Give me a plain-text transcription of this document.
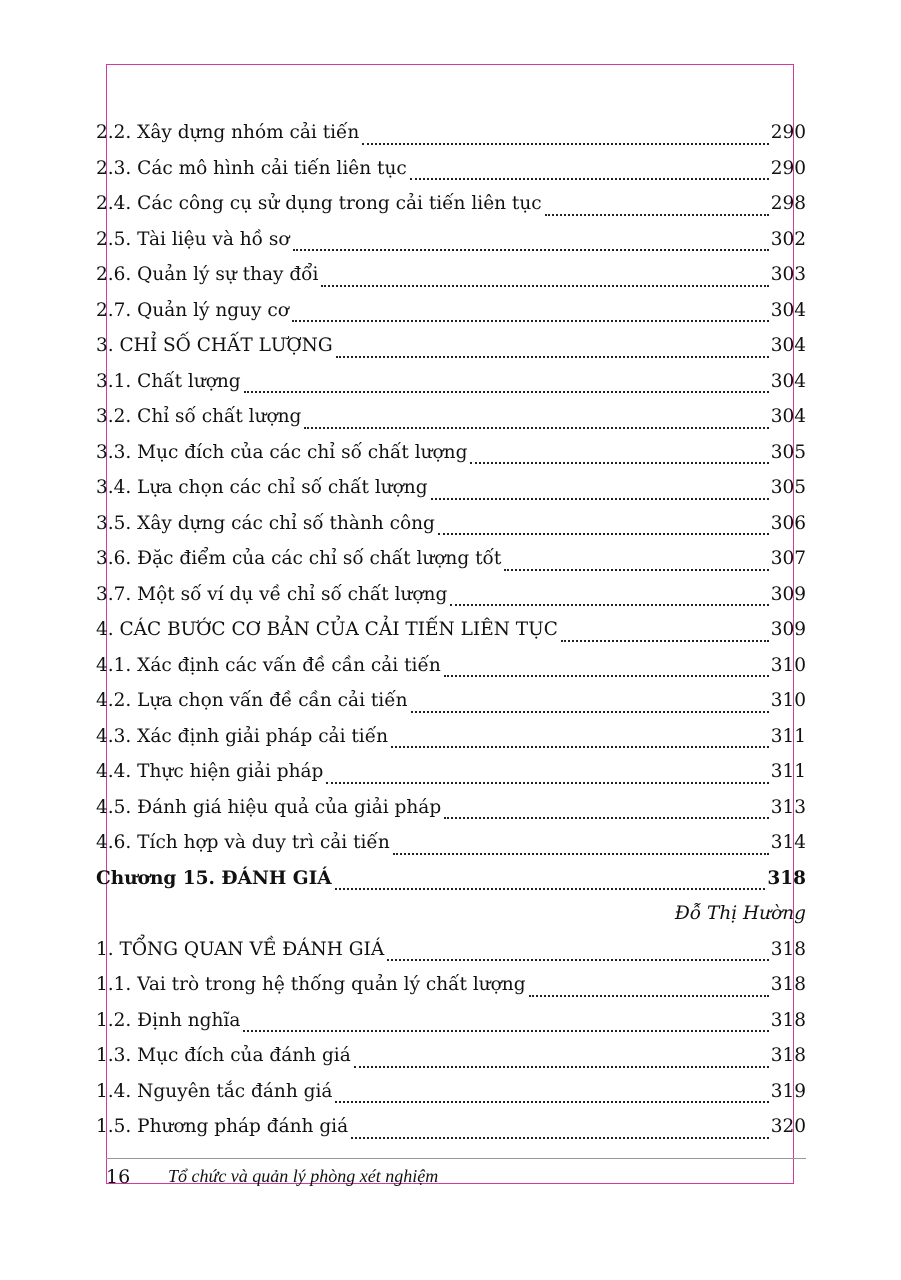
2.2. Xây dựng nhóm cải tiến	290
2.3. Các mô hình cải tiến liên tục	290
2.4. Các công cụ sử dụng trong cải tiến liên tục	298
2.5. Tài liệu và hồ sơ	302
2.6. Quản lý sự thay đổi	303
2.7. Quản lý nguy cơ	304
3. CHỈ SỐ CHẤT LƯỢNG	304
3.1. Chất lượng	304
3.2. Chỉ số chất lượng	304
3.3. Mục đích của các chỉ số chất lượng	305
3.4. Lựa chọn các chỉ số chất lượng	305
3.5. Xây dựng các chỉ số thành công	306
3.6. Đặc điểm của các chỉ số chất lượng tốt	307
3.7. Một số ví dụ về chỉ số chất lượng	309
4. CÁC BƯỚC CƠ BẢN CỦA CẢI TIẾN LIÊN TỤC	309
4.1. Xác định các vấn đề cần cải tiến	310
4.2. Lựa chọn vấn đề cần cải tiến	310
4.3. Xác định giải pháp cải tiến	311
4.4. Thực hiện giải pháp	311
4.5. Đánh giá hiệu quả của giải pháp	313
4.6. Tích hợp và duy trì cải tiến	314
Chương 15. ĐÁNH GIÁ	318
Đỗ Thị Hường
1. TỔNG QUAN VỀ ĐÁNH GIÁ	318
1.1. Vai trò trong hệ thống quản lý chất lượng	318
1.2. Định nghĩa	318
1.3. Mục đích của đánh giá	318
1.4. Nguyên tắc đánh giá	319
1.5. Phương pháp đánh giá	320
16 Tổ chức và quản lý phòng xét nghiệm
